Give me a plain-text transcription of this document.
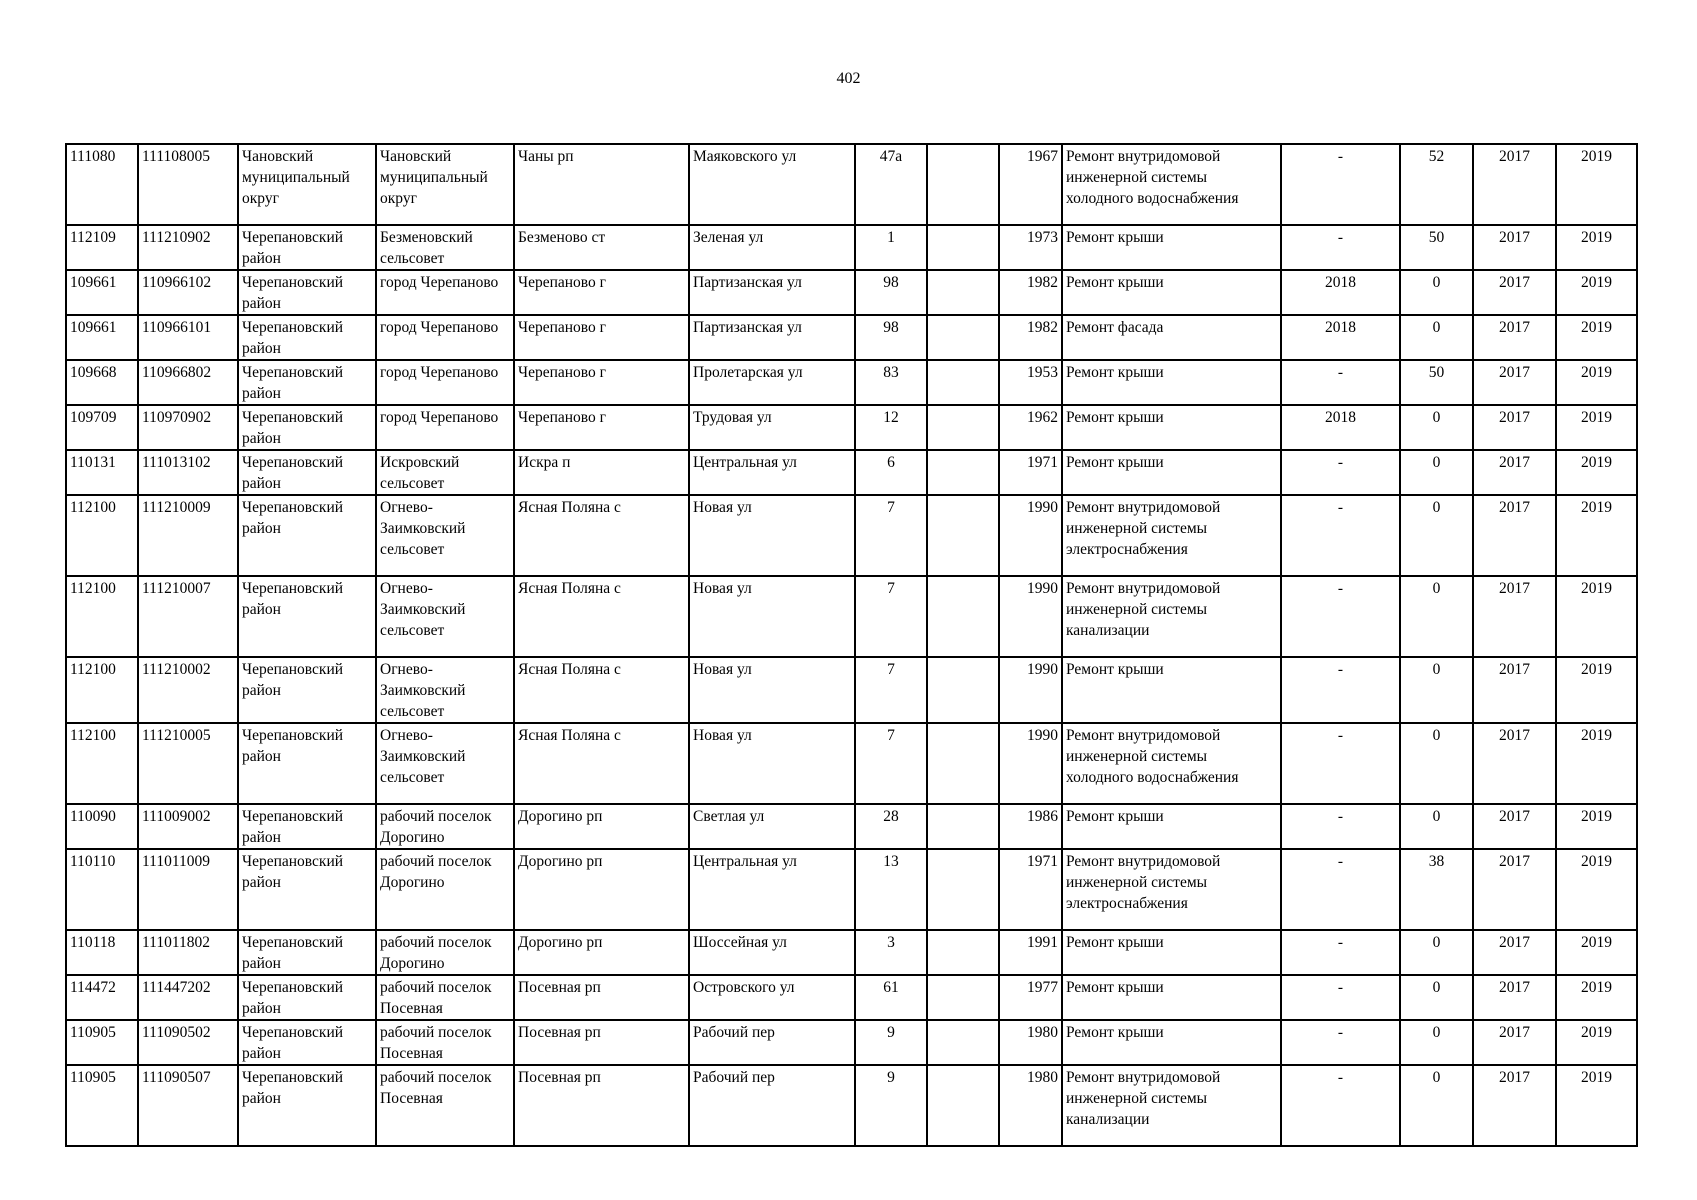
402
111080	111108005	Чановский муниципальный округ	Чановский муниципальный округ	Чаны рп	Маяковского ул	47а		1967	Ремонт внутридомовой инженерной системы холодного водоснабжения	-	52	2017	2019
112109	111210902	Черепановский район	Безменовский сельсовет	Безменово ст	Зеленая ул	1		1973	Ремонт крыши	-	50	2017	2019
109661	110966102	Черепановский район	город Черепаново	Черепаново г	Партизанская ул	98		1982	Ремонт крыши	2018	0	2017	2019
109661	110966101	Черепановский район	город Черепаново	Черепаново г	Партизанская ул	98		1982	Ремонт фасада	2018	0	2017	2019
109668	110966802	Черепановский район	город Черепаново	Черепаново г	Пролетарская ул	83		1953	Ремонт крыши	-	50	2017	2019
109709	110970902	Черепановский район	город Черепаново	Черепаново г	Трудовая ул	12		1962	Ремонт крыши	2018	0	2017	2019
110131	111013102	Черепановский район	Искровский сельсовет	Искра п	Центральная ул	6		1971	Ремонт крыши	-	0	2017	2019
112100	111210009	Черепановский район	Огнево-Заимковский сельсовет	Ясная Поляна с	Новая ул	7		1990	Ремонт внутридомовой инженерной системы электроснабжения	-	0	2017	2019
112100	111210007	Черепановский район	Огнево-Заимковский сельсовет	Ясная Поляна с	Новая ул	7		1990	Ремонт внутридомовой инженерной системы канализации	-	0	2017	2019
112100	111210002	Черепановский район	Огнево-Заимковский сельсовет	Ясная Поляна с	Новая ул	7		1990	Ремонт крыши	-	0	2017	2019
112100	111210005	Черепановский район	Огнево-Заимковский сельсовет	Ясная Поляна с	Новая ул	7		1990	Ремонт внутридомовой инженерной системы холодного водоснабжения	-	0	2017	2019
110090	111009002	Черепановский район	рабочий поселок Дорогино	Дорогино рп	Светлая ул	28		1986	Ремонт крыши	-	0	2017	2019
110110	111011009	Черепановский район	рабочий поселок Дорогино	Дорогино рп	Центральная ул	13		1971	Ремонт внутридомовой инженерной системы электроснабжения	-	38	2017	2019
110118	111011802	Черепановский район	рабочий поселок Дорогино	Дорогино рп	Шоссейная ул	3		1991	Ремонт крыши	-	0	2017	2019
114472	111447202	Черепановский район	рабочий поселок Посевная	Посевная рп	Островского ул	61		1977	Ремонт крыши	-	0	2017	2019
110905	111090502	Черепановский район	рабочий поселок Посевная	Посевная рп	Рабочий пер	9		1980	Ремонт крыши	-	0	2017	2019
110905	111090507	Черепановский район	рабочий поселок Посевная	Посевная рп	Рабочий пер	9		1980	Ремонт внутридомовой инженерной системы канализации	-	0	2017	2019
